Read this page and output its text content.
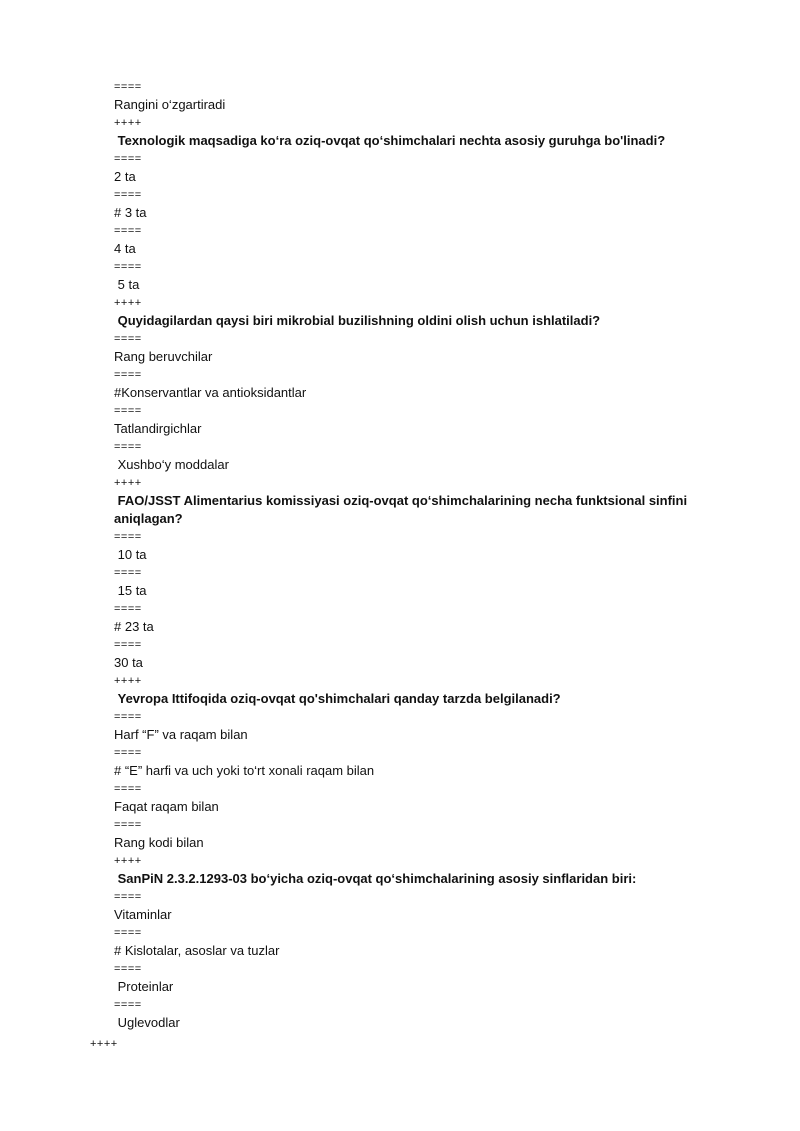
====

Rangini o‘zgartiradi

++++

Texnologik maqsadiga ko‘ra oziq-ovqat qo‘shimchalari nechta asosiy guruhga bo'linadi?

====

2 ta

====

# 3 ta

====

4 ta

====

5 ta

++++

Quyidagilardan qaysi biri mikrobial buzilishning oldini olish uchun ishlatiladi?

====

Rang beruvchilar

====

#Konservantlar va antioksidantlar

====

Tatlandirgichlar

====

Xushbo‘y moddalar

++++

FAO/JSST Alimentarius komissiyasi oziq-ovqat qo‘shimchalarining necha funktsional sinfini aniqlagan?

====

10 ta

====

15 ta

====

# 23 ta

====

30 ta

++++

Yevropa Ittifoqida oziq-ovqat qo'shimchalari qanday tarzda belgilanadi?

====

Harf “F” va raqam bilan

====

# “E” harfi va uch yoki to‘rt xonali raqam bilan

====

Faqat raqam bilan

====

Rang kodi bilan

++++

SanPiN 2.3.2.1293-03 bo‘yicha oziq-ovqat qo‘shimchalarining asosiy sinflaridan biri:

====

Vitaminlar

====

# Kislotalar, asoslar va tuzlar

====

Proteinlar

====

Uglevodlar

++++
